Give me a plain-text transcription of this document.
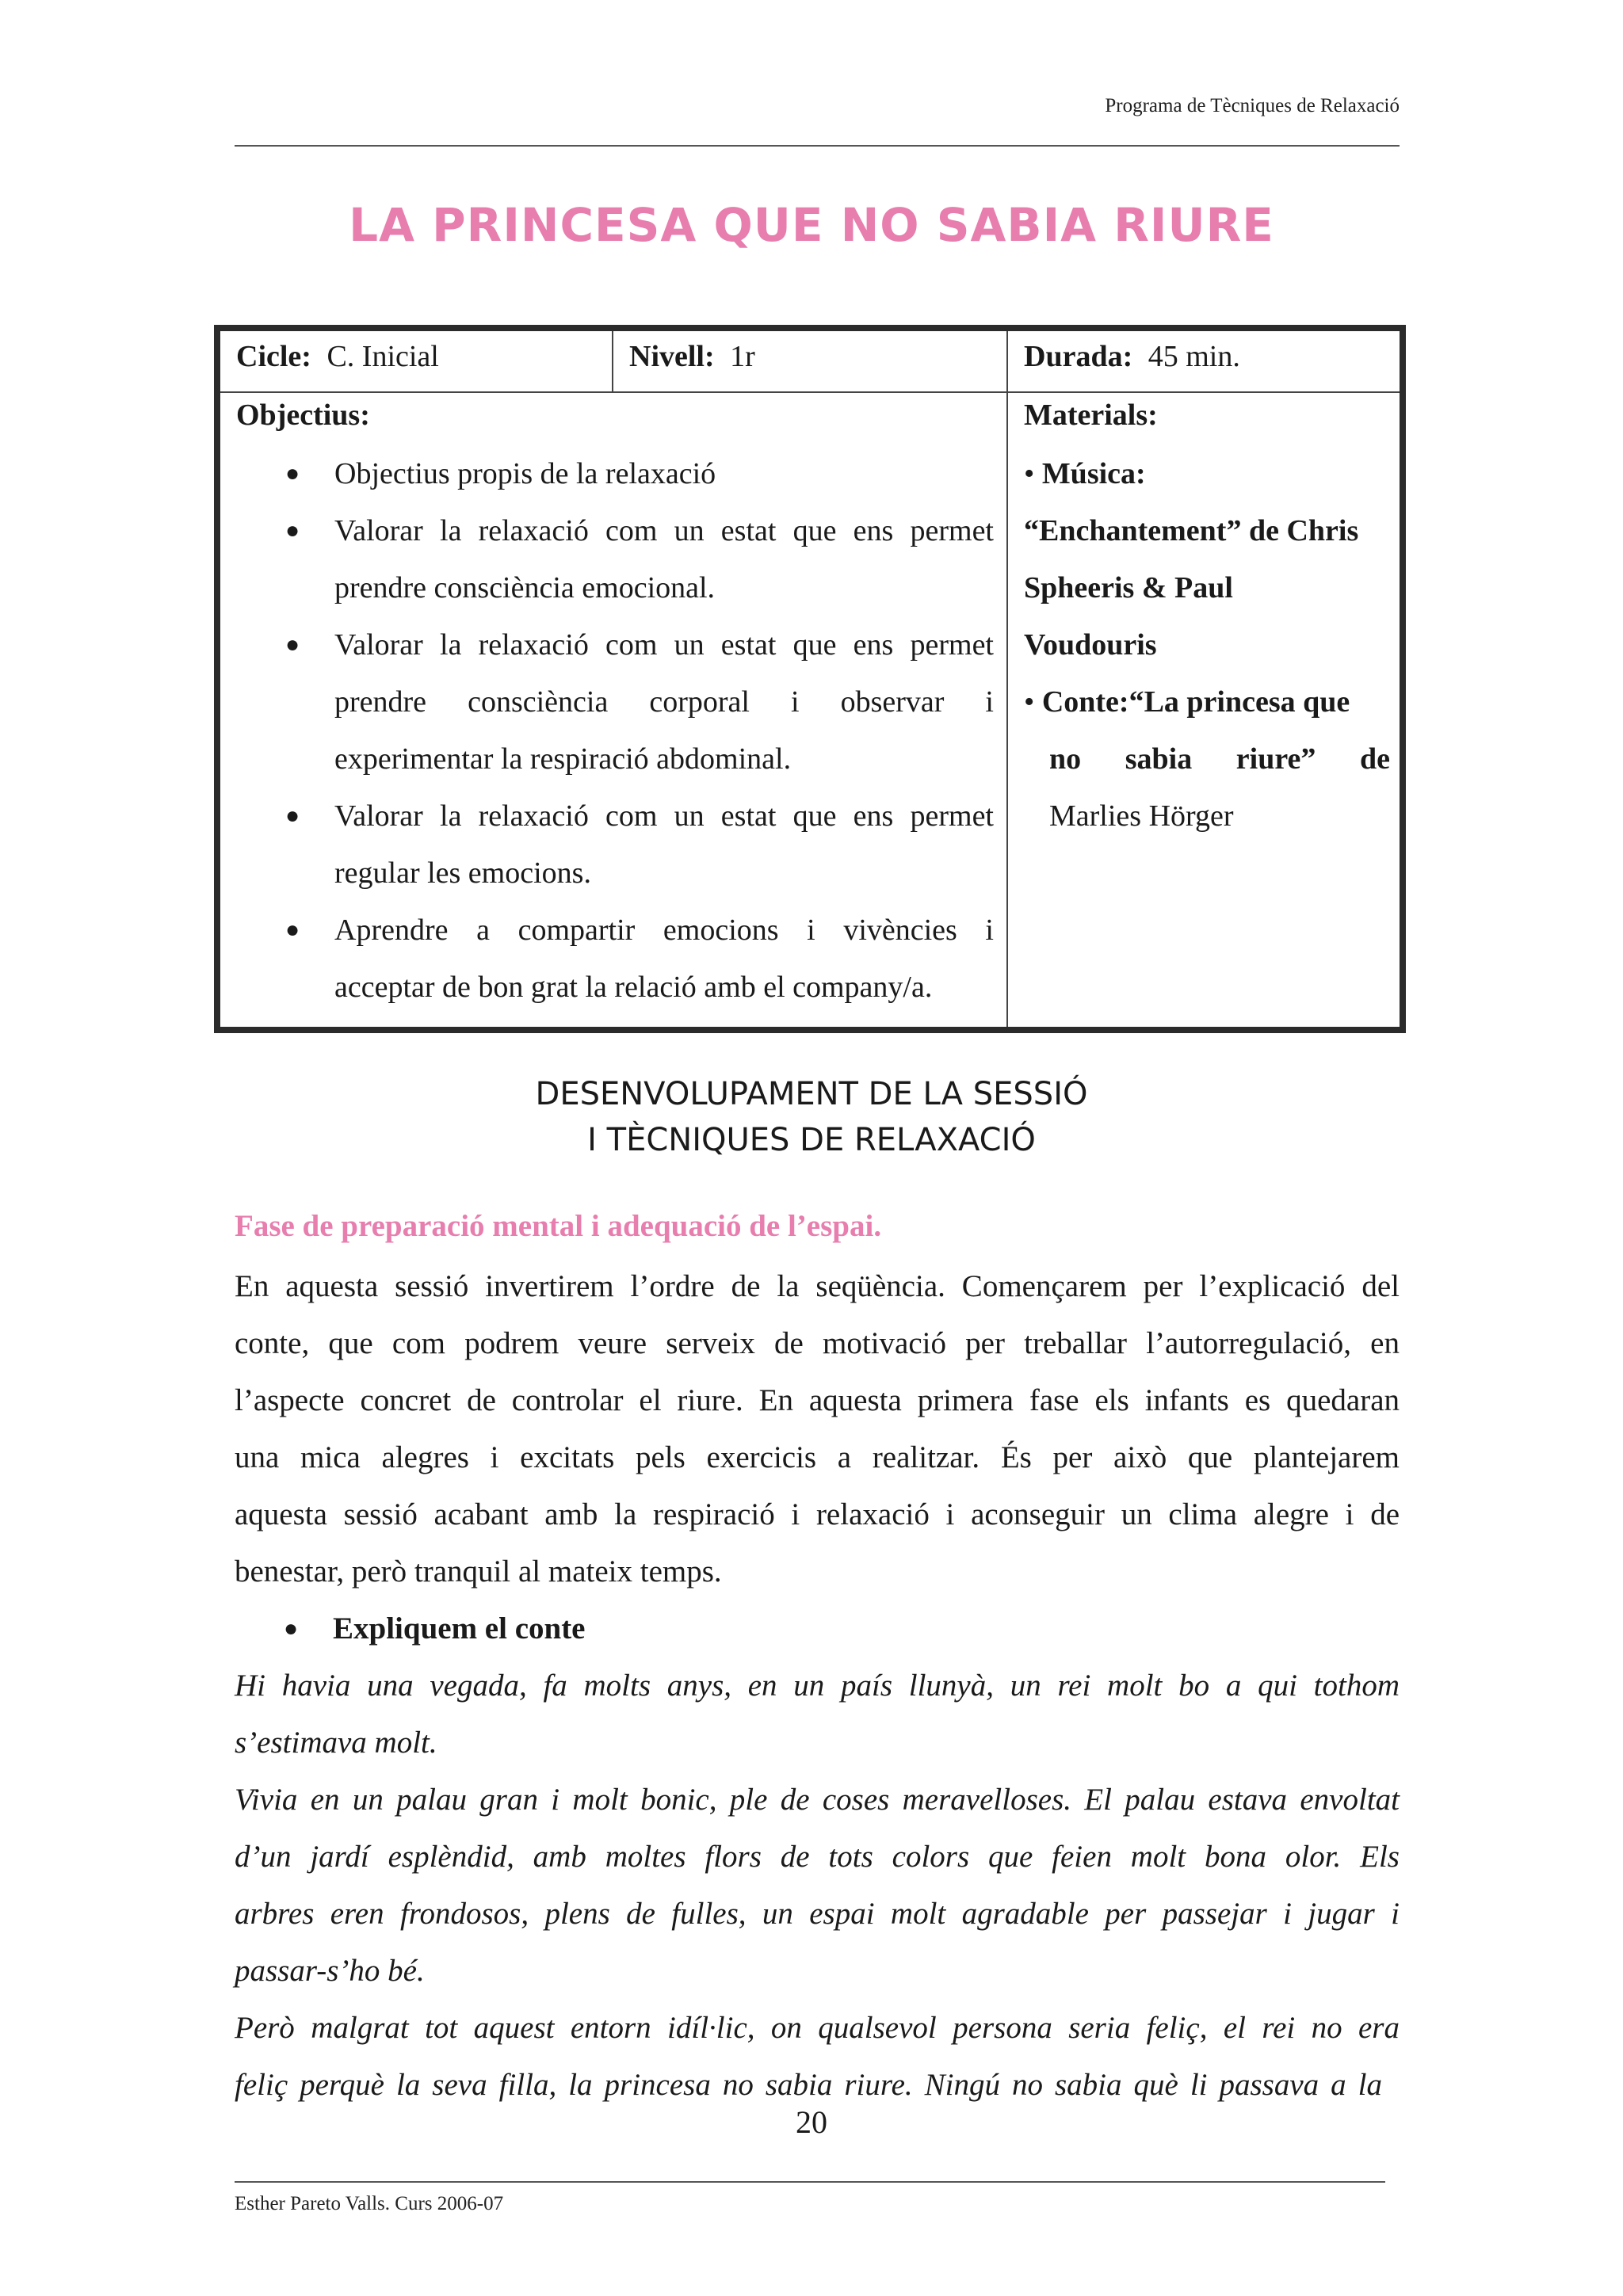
Programa de Tècniques de Relaxació
LA PRINCESA QUE NO SABIA RIURE
Cicle: C. Inicial	Nivell: 1r	Durada: 45 min.
Objectius:
● Objectius propis de la relaxació
● Valorar la relaxació com un estat que ens permet
prendre consciència emocional.
● Valorar la relaxació com un estat que ens permet
prendre consciència corporal i observar i
experimentar la respiració abdominal.
● Valorar la relaxació com un estat que ens permet
regular les emocions.
● Aprendre a compartir emocions i vivències i
acceptar de bon grat la relació amb el company/a.
Materials:
• Música:
“Enchantement” de Chris
Spheeris & Paul
Voudouris
• Conte:“La princesa que
no sabia riure” de
Marlies Hörger
DESENVOLUPAMENT DE LA SESSIÓ
I TÈCNIQUES DE RELAXACIÓ
Fase de preparació mental i adequació de l’espai.
En aquesta sessió invertirem l’ordre de la seqüència. Començarem per l’explicació del
conte, que com podrem veure serveix de motivació per treballar l’autorregulació, en
l’aspecte concret de controlar el riure. En aquesta primera fase els infants es quedaran
una mica alegres i excitats pels exercicis a realitzar. És per això que plantejarem
aquesta sessió acabant amb la respiració i relaxació i aconseguir un clima alegre i de
benestar, però tranquil al mateix temps.
● Expliquem el conte
Hi havia una vegada, fa molts anys, en un país llunyà, un rei molt bo a qui tothom
s’estimava molt.
Vivia en un palau gran i molt bonic, ple de coses meravelloses. El palau estava envoltat
d’un jardí esplèndid, amb moltes flors de tots colors que feien molt bona olor. Els
arbres eren frondosos, plens de fulles, un espai molt agradable per passejar i jugar i
passar-s’ho bé.
Però malgrat tot aquest entorn idíl·lic, on qualsevol persona seria feliç, el rei no era
feliç perquè la seva filla, la princesa no sabia riure. Ningú no sabia què li passava a la
20
Esther Pareto Valls. Curs 2006-07
